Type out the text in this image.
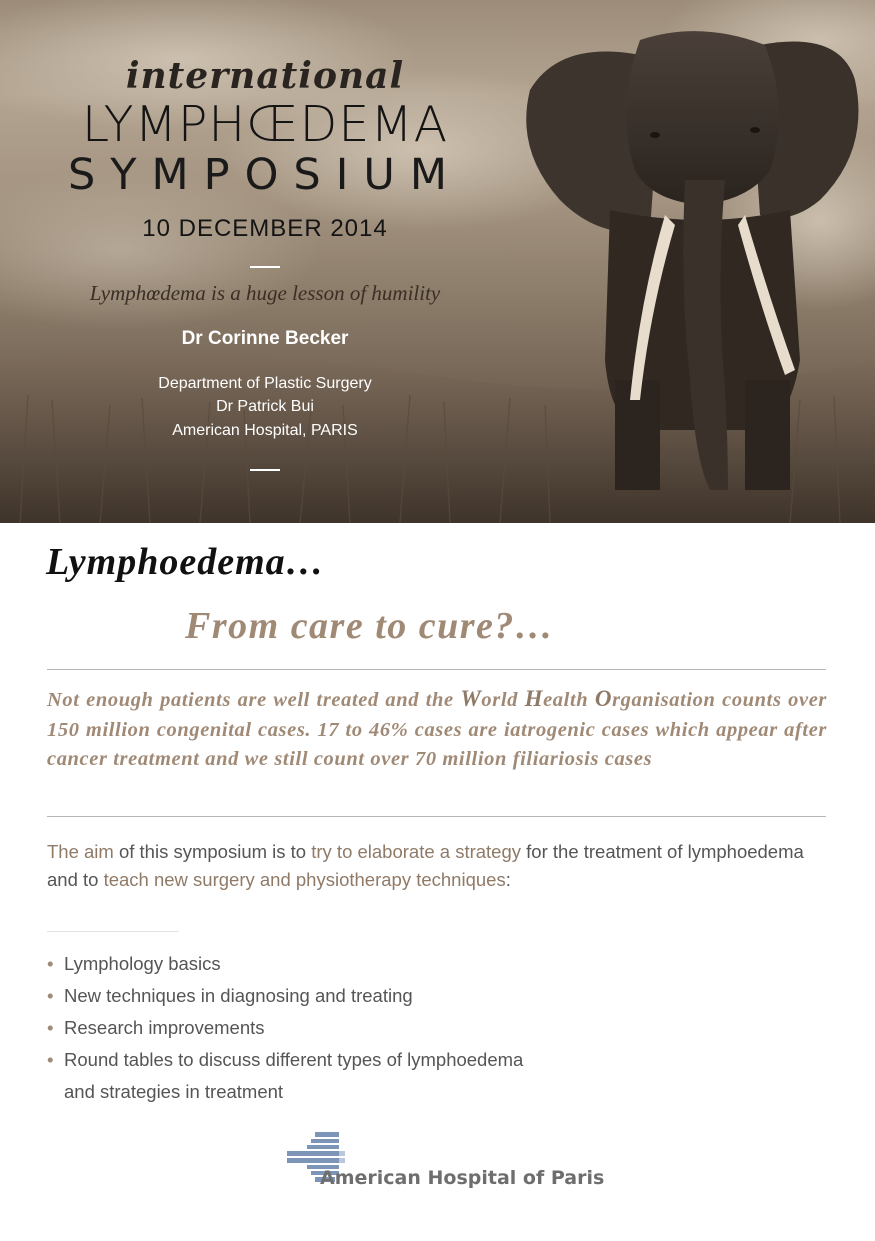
international
LYMPHŒDEMA
SYMPOSIUM
10 DECEMBER 2014
Lymphœdema is a huge lesson of humility
Dr Corinne Becker
Department of Plastic Surgery
Dr Patrick Bui
American Hospital, PARIS
Lymphoedema…
From care to cure?…
Not enough patients are well treated and the World Health Organisation counts over 150 million congenital cases. 17 to 46% cases are iatrogenic cases which appear after cancer treatment and we still count over 70 million filiariosis cases
The aim of this symposium is to try to elaborate a strategy for the treatment of lymphoedema and to teach new surgery and physiotherapy techniques:
• Lymphology basics
• New techniques in diagnosing and treating
• Research improvements
• Round tables to discuss different types of lymphoedema
and strategies in treatment
American Hospital of Paris
